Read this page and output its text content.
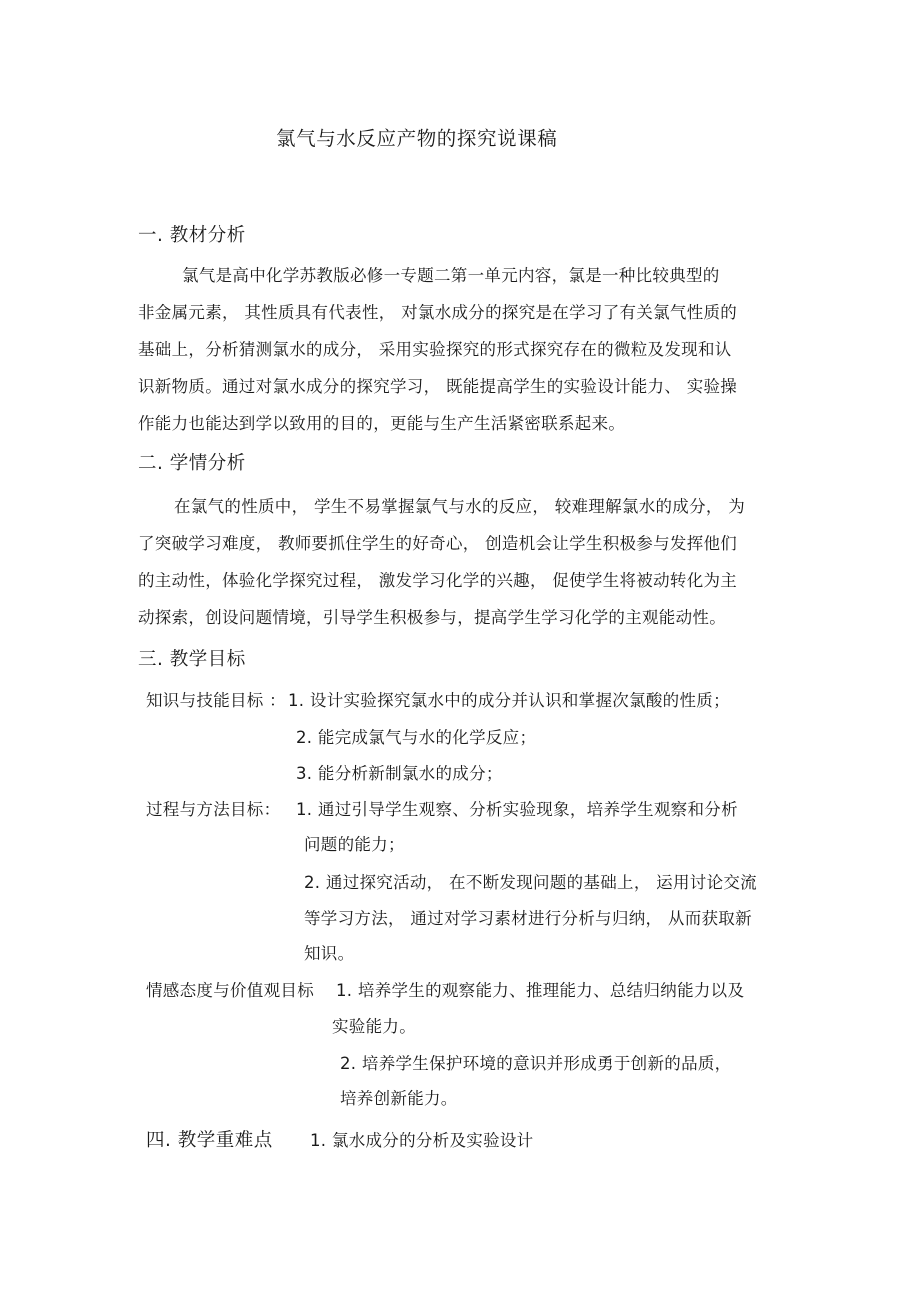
氯气与水反应产物的探究说课稿
一. 教材分析
氯气是高中化学苏教版必修一专题二第一单元内容，氯是一种比较典型的
非金属元素， 其性质具有代表性， 对氯水成分的探究是在学习了有关氯气性质的
基础上，分析猜测氯水的成分， 采用实验探究的形式探究存在的微粒及发现和认
识新物质。通过对氯水成分的探究学习， 既能提高学生的实验设计能力、 实验操
作能力也能达到学以致用的目的，更能与生产生活紧密联系起来。
二. 学情分析
在氯气的性质中， 学生不易掌握氯气与水的反应， 较难理解氯水的成分， 为
了突破学习难度， 教师要抓住学生的好奇心， 创造机会让学生积极参与发挥他们
的主动性，体验化学探究过程， 激发学习化学的兴趣， 促使学生将被动转化为主
动探索，创设问题情境，引导学生积极参与，提高学生学习化学的主观能动性。
三. 教学目标
知识与技能目标 ： 1. 设计实验探究氯水中的成分并认识和掌握次氯酸的性质；
2. 能完成氯气与水的化学反应；
3. 能分析新制氯水的成分；
过程与方法目标： 1. 通过引导学生观察、分析实验现象，培养学生观察和分析
问题的能力；
2. 通过探究活动， 在不断发现问题的基础上， 运用讨论交流
等学习方法， 通过对学习素材进行分析与归纳， 从而获取新
知识。
情感态度与价值观目标 1. 培养学生的观察能力、推理能力、总结归纳能力以及
实验能力。
2. 培养学生保护环境的意识并形成勇于创新的品质，
培养创新能力。
四. 教学重难点 1. 氯水成分的分析及实验设计
